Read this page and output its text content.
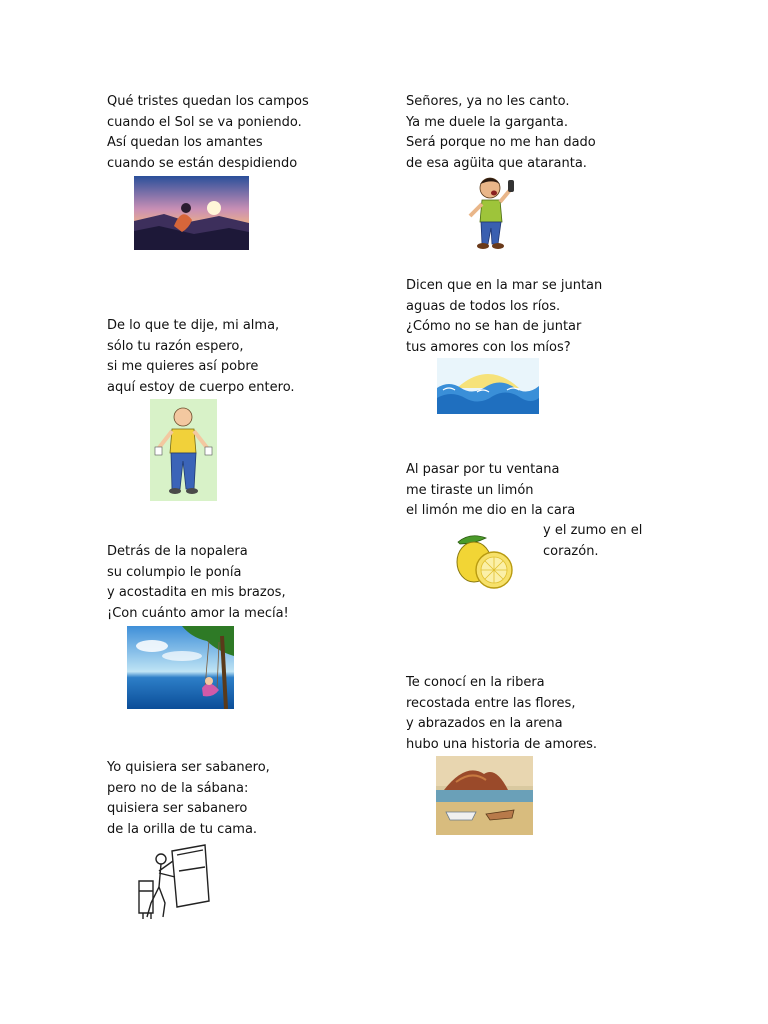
Qué tristes quedan los campos
cuando el Sol se va poniendo.
Así quedan los amantes
cuando se están despidiendo
De lo que te dije, mi alma,
sólo tu razón espero,
si me quieres así pobre
aquí estoy de cuerpo entero.
Detrás de la nopalera
su columpio le ponía
y acostadita en mis brazos,
¡Con cuánto amor la mecía!
Yo quisiera ser sabanero,
pero no de la sábana:
quisiera ser sabanero
de la orilla de tu cama.
Señores, ya no les canto.
Ya me duele la garganta.
Será porque no me han dado
de esa agüita que ataranta.
Dicen que en la mar se juntan
aguas de todos los ríos.
¿Cómo no se han de juntar
tus amores con los míos?
Al pasar por tu ventana
me tiraste un limón
el limón me dio en la cara
y el zumo en el
corazón.
Te conocí en la ribera
recostada entre las flores,
y abrazados en la arena
hubo una historia de amores.
